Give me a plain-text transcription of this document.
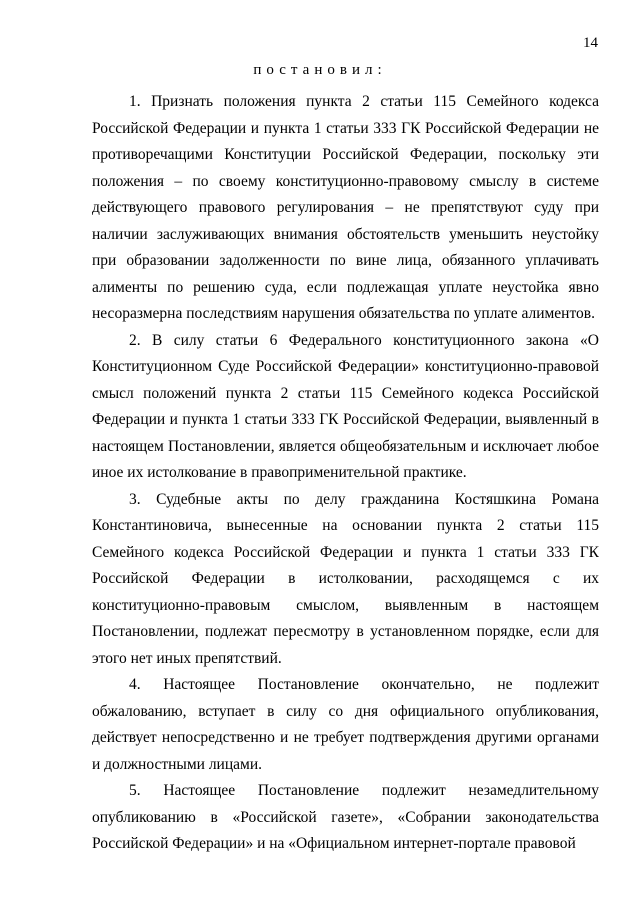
14
постановил:

1. Признать положения пункта 2 статьи 115 Семейного кодекса Российской Федерации и пункта 1 статьи 333 ГК Российской Федерации не противоречащими Конституции Российской Федерации, поскольку эти положения – по своему конституционно-правовому смыслу в системе действующего правового регулирования – не препятствуют суду при наличии заслуживающих внимания обстоятельств уменьшить неустойку при образовании задолженности по вине лица, обязанного уплачивать алименты по решению суда, если подлежащая уплате неустойка явно несоразмерна последствиям нарушения обязательства по уплате алиментов.

2. В силу статьи 6 Федерального конституционного закона «О Конституционном Суде Российской Федерации» конституционно-правовой смысл положений пункта 2 статьи 115 Семейного кодекса Российской Федерации и пункта 1 статьи 333 ГК Российской Федерации, выявленный в настоящем Постановлении, является общеобязательным и исключает любое иное их истолкование в правоприменительной практике.

3. Судебные акты по делу гражданина Костяшкина Романа Константиновича, вынесенные на основании пункта 2 статьи 115 Семейного кодекса Российской Федерации и пункта 1 статьи 333 ГК Российской Федерации в истолковании, расходящемся с их конституционно-правовым смыслом, выявленным в настоящем Постановлении, подлежат пересмотру в установленном порядке, если для этого нет иных препятствий.

4. Настоящее Постановление окончательно, не подлежит обжалованию, вступает в силу со дня официального опубликования, действует непосредственно и не требует подтверждения другими органами и должностными лицами.

5. Настоящее Постановление подлежит незамедлительному опубликованию в «Российской газете», «Собрании законодательства Российской Федерации» и на «Официальном интернет-портале правовой
